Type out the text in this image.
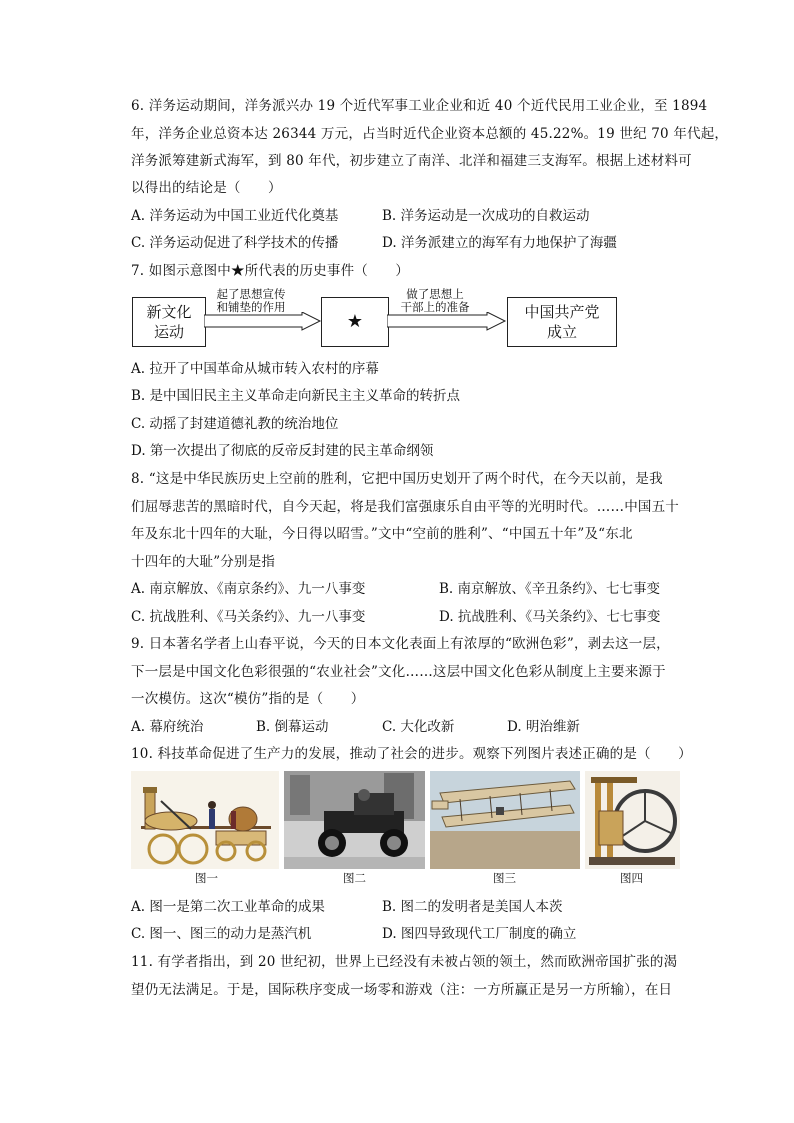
6. 洋务运动期间，洋务派兴办 19 个近代军事工业企业和近 40 个近代民用工业企业，至 1894
年，洋务企业总资本达 26344 万元，占当时近代企业资本总额的 45.22%。19 世纪 70 年代起，
洋务派筹建新式海军，到 80 年代，初步建立了南洋、北洋和福建三支海军。根据上述材料可
以得出的结论是（　　）
A. 洋务运动为中国工业近代化奠基	B. 洋务运动是一次成功的自救运动
C. 洋务运动促进了科学技术的传播	D. 洋务派建立的海军有力地保护了海疆
7. 如图示意图中★所代表的历史事件（　　）
新文化
运动
起了思想宣传
和铺垫的作用
★
做了思想上
干部上的准备	中国共产党
成立
A. 拉开了中国革命从城市转入农村的序幕
B. 是中国旧民主主义革命走向新民主主义革命的转折点
C. 动摇了封建道德礼教的统治地位
D. 第一次提出了彻底的反帝反封建的民主革命纲领
8. “这是中华民族历史上空前的胜利，它把中国历史划开了两个时代，在今天以前，是我
们屈辱悲苦的黑暗时代，自今天起，将是我们富强康乐自由平等的光明时代。……中国五十
年及东北十四年的大耻，今日得以昭雪。”文中“空前的胜利”、“中国五十年”及“东北
十四年的大耻”分别是指
A. 南京解放、《南京条约》、九一八事变	B. 南京解放、《辛丑条约》、七七事变
C. 抗战胜利、《马关条约》、九一八事变	D. 抗战胜利、《马关条约》、七七事变
9. 日本著名学者上山春平说，今天的日本文化表面上有浓厚的“欧洲色彩”，剥去这一层，
下一层是中国文化色彩很强的“农业社会”文化……这层中国文化色彩从制度上主要来源于
一次模仿。这次“模仿”指的是（　　）
A. 幕府统治	B. 倒幕运动	C. 大化改新	D. 明治维新
10. 科技革命促进了生产力的发展，推动了社会的进步。观察下列图片表述正确的是（　　）
图一	图二	图三	图四
A. 图一是第二次工业革命的成果	B. 图二的发明者是美国人本茨
C. 图一、图三的动力是蒸汽机	D. 图四导致现代工厂制度的确立
11. 有学者指出，到 20 世纪初，世界上已经没有未被占领的领土，然而欧洲帝国扩张的渴
望仍无法满足。于是，国际秩序变成一场零和游戏（注：一方所赢正是另一方所输），在日
